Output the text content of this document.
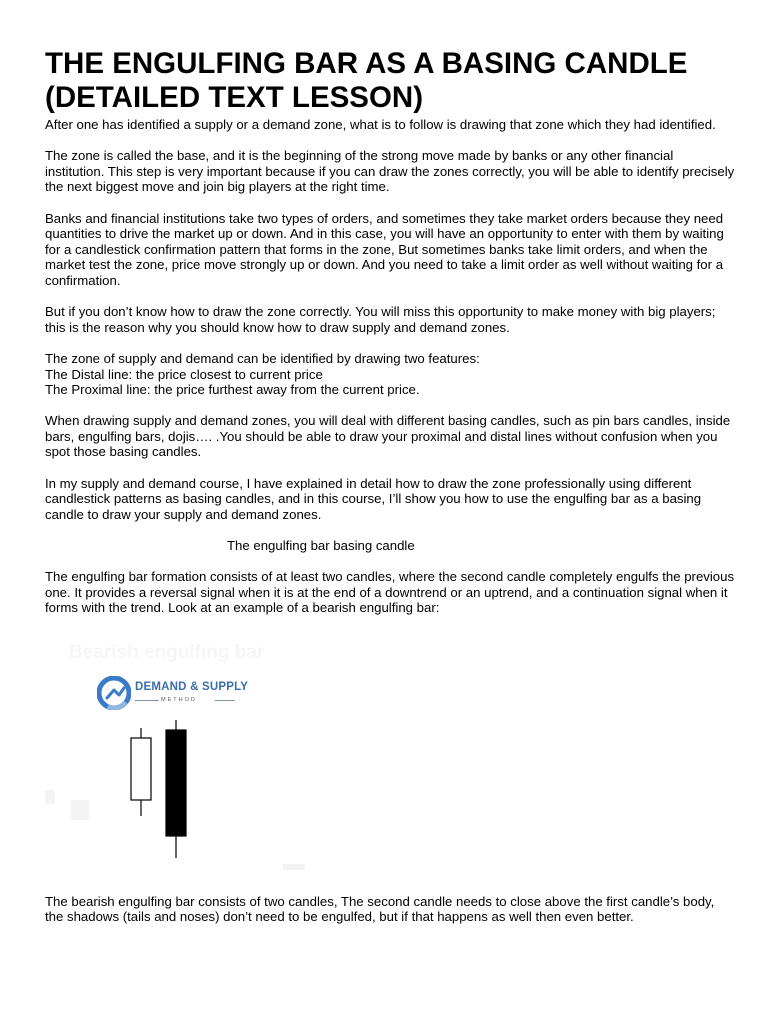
THE ENGULFING BAR AS A BASING CANDLE
(DETAILED TEXT LESSON)

After one has identified a supply or a demand zone, what is to follow is drawing that zone which they had identified.

The zone is called the base, and it is the beginning of the strong move made by banks or any other financial institution. This step is very important because if you can draw the zones correctly, you will be able to identify precisely the next biggest move and join big players at the right time.

Banks and financial institutions take two types of orders, and sometimes they take market orders because they need quantities to drive the market up or down. And in this case, you will have an opportunity to enter with them by waiting for a candlestick confirmation pattern that forms in the zone, But sometimes banks take limit orders, and when the market test the zone, price move strongly up or down. And you need to take a limit order as well without waiting for a confirmation.

But if you don’t know how to draw the zone correctly. You will miss this opportunity to make money with big players; this is the reason why you should know how to draw supply and demand zones.

The zone of supply and demand can be identified by drawing two features:
The Distal line: the price closest to current price
The Proximal line: the price furthest away from the current price.

When drawing supply and demand zones, you will deal with different basing candles, such as pin bars candles, inside bars, engulfing bars, dojis…. .You should be able to draw your proximal and distal lines without confusion when you spot those basing candles.

In my supply and demand course, I have explained in detail how to draw the zone professionally using different candlestick patterns as basing candles, and in this course, I’ll show you how to use the engulfing bar as a basing candle to draw your supply and demand zones.

The engulfing bar basing candle

The engulfing bar formation consists of at least two candles, where the second candle completely engulfs the previous one. It provides a reversal signal when it is at the end of a downtrend or an uptrend, and a continuation signal when it forms with the trend. Look at an example of a bearish engulfing bar:

Bearish engulfing bar
DEMAND & SUPPLY
METHOD

The bearish engulfing bar consists of two candles, The second candle needs to close above the first candle’s body, the shadows (tails and noses) don’t need to be engulfed, but if that happens as well then even better.
